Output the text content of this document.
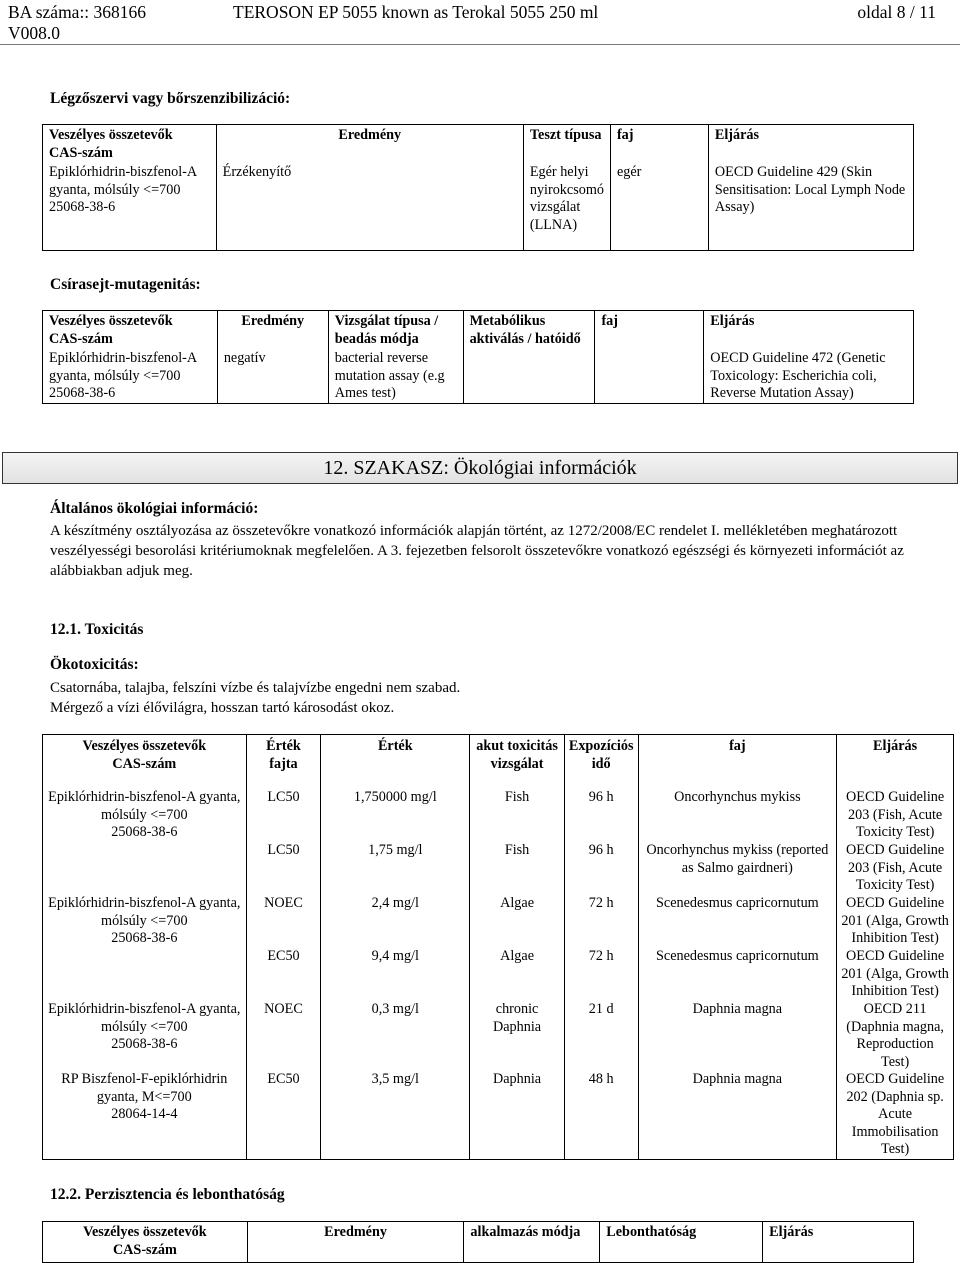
BA száma:: 368166
V008.0
TEROSON EP 5055 known as Terokal 5055 250 ml	oldal 8 / 11
Légzőszervi vagy bőrszenzibilizáció:
Veszélyes összetevők
CAS-szám	Eredmény	Teszt típusa	faj	Eljárás
Epiklórhidrin-biszfenol-A gyanta, mólsúly <=700
25068-38-6	Érzékenyítő	Egér helyi nyirokcsomó vizsgálat (LLNA)	egér	OECD Guideline 429 (Skin Sensitisation: Local Lymph Node Assay)
Csírasejt-mutagenitás:
Veszélyes összetevők
CAS-szám	Eredmény	Vizsgálat típusa / beadás módja	Metabólikus aktiválás / hatóidő	faj	Eljárás
Epiklórhidrin-biszfenol-A gyanta, mólsúly <=700
25068-38-6	negatív	bacterial reverse mutation assay (e.g Ames test)			OECD Guideline 472 (Genetic Toxicology: Escherichia coli, Reverse Mutation Assay)
12. SZAKASZ: Ökológiai információk
Általános ökológiai információ:
A készítmény osztályozása az összetevőkre vonatkozó információk alapján történt, az 1272/2008/EC rendelet I. mellékletében meghatározott veszélyességi besorolási kritériumoknak megfelelően. A 3. fejezetben felsorolt összetevőkre vonatkozó egészségi és környezeti információt az alábbiakban adjuk meg.
12.1. Toxicitás
Ökotoxicitás:
Csatornába, talajba, felszíni vízbe és talajvízbe engedni nem szabad.
Mérgező a vízi élővilágra, hosszan tartó károsodást okoz.
Veszélyes összetevők
CAS-szám	Érték fajta	Érték	akut toxicitás vizsgálat	Expozíciós idő	faj	Eljárás
Epiklórhidrin-biszfenol-A gyanta, mólsúly <=700
25068-38-6	LC50	1,750000 mg/l	Fish	96 h	Oncorhynchus mykiss	OECD Guideline 203 (Fish, Acute Toxicity Test)

	LC50	1,75 mg/l	Fish	96 h	Oncorhynchus mykiss (reported as Salmo gairdneri)	OECD Guideline 203 (Fish, Acute Toxicity Test)
Epiklórhidrin-biszfenol-A gyanta, mólsúly <=700
25068-38-6	NOEC	2,4 mg/l	Algae	72 h	Scenedesmus capricornutum	OECD Guideline 201 (Alga, Growth Inhibition Test)

	EC50	9,4 mg/l	Algae	72 h	Scenedesmus capricornutum	OECD Guideline 201 (Alga, Growth Inhibition Test)
Epiklórhidrin-biszfenol-A gyanta, mólsúly <=700
25068-38-6	NOEC	0,3 mg/l	chronic Daphnia	21 d	Daphnia magna	OECD 211 (Daphnia magna, Reproduction Test)
RP Biszfenol-F-epiklórhidrin gyanta, M<=700
28064-14-4	EC50	3,5 mg/l	Daphnia	48 h	Daphnia magna	OECD Guideline 202 (Daphnia sp. Acute Immobilisation Test)
12.2. Perzisztencia és lebonthatóság
Veszélyes összetevők
CAS-szám	Eredmény	alkalmazás módja	Lebonthatóság	Eljárás
